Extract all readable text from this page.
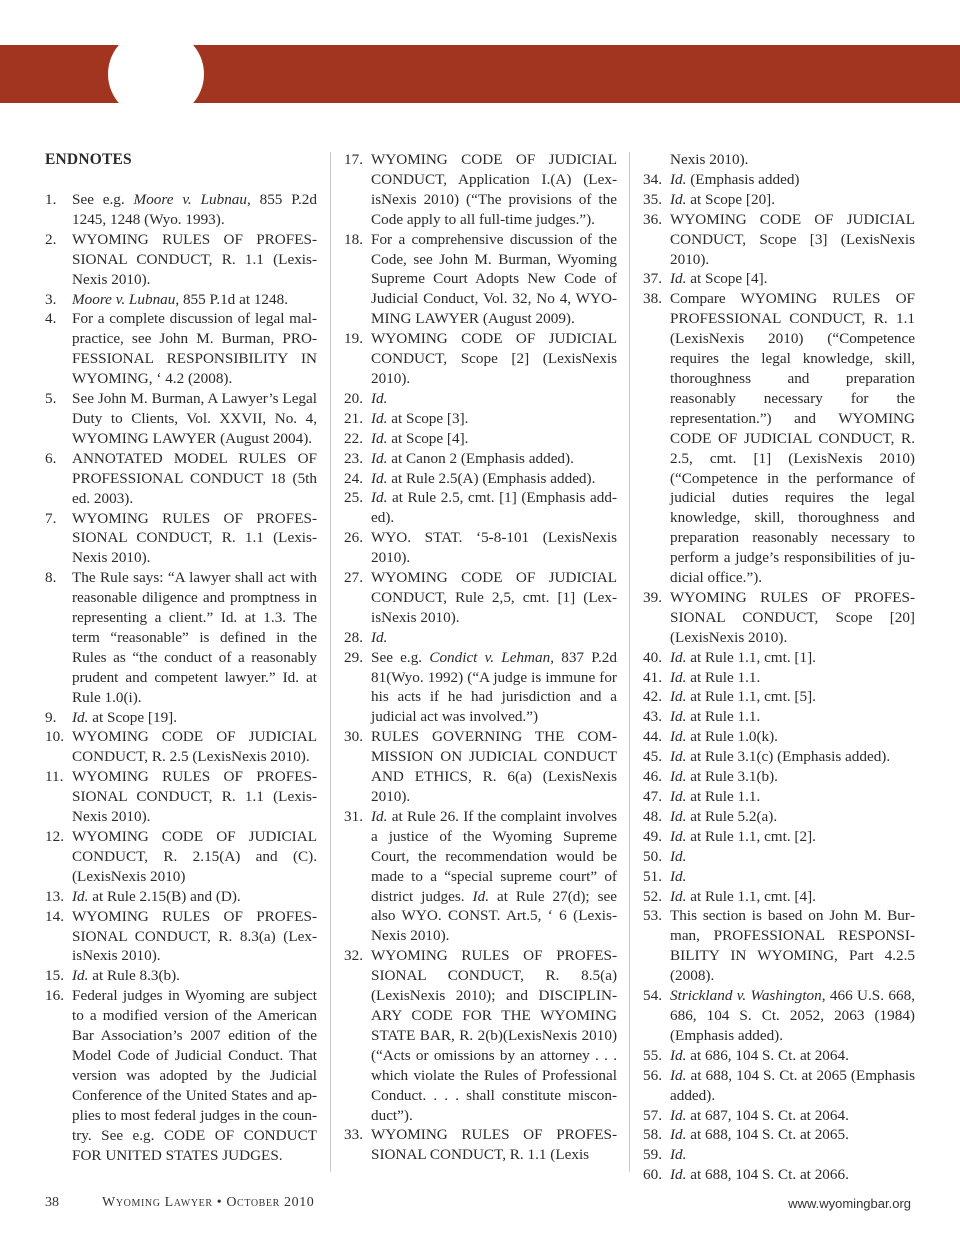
ENDNOTES
1. See e.g. Moore v. Lubnau, 855 P.2d 1245, 1248 (Wyo. 1993).
2. WYOMING RULES OF PROFESSIONAL CONDUCT, R. 1.1 (LexisNexis 2010).
3. Moore v. Lubnau, 855 P.1d at 1248.
4. For a complete discussion of legal malpractice, see John M. Burman, PROFESSIONAL RESPONSIBILITY IN WYOMING, ‘ 4.2 (2008).
5. See John M. Burman, A Lawyer’s Legal Duty to Clients, Vol. XXVII, No. 4, WYOMING LAWYER (August 2004).
6. ANNOTATED MODEL RULES OF PROFESSIONAL CONDUCT 18 (5th ed. 2003).
7. WYOMING RULES OF PROFESSIONAL CONDUCT, R. 1.1 (LexisNexis 2010).
8. The Rule says: “A lawyer shall act with reasonable diligence and promptness in representing a client.” Id. at 1.3. The term “reasonable” is defined in the Rules as “the conduct of a reasonably prudent and competent lawyer.” Id. at Rule 1.0(i).
9. Id. at Scope [19].
10. WYOMING CODE OF JUDICIAL CONDUCT, R. 2.5 (LexisNexis 2010).
11. WYOMING RULES OF PROFESSIONAL CONDUCT, R. 1.1 (LexisNexis 2010).
12. WYOMING CODE OF JUDICIAL CONDUCT, R. 2.15(A) and (C). (LexisNexis 2010)
13. Id. at Rule 2.15(B) and (D).
14. WYOMING RULES OF PROFESSIONAL CONDUCT, R. 8.3(a) (LexisNexis 2010).
15. Id. at Rule 8.3(b).
16. Federal judges in Wyoming are subject to a modified version of the American Bar Association’s 2007 edition of the Model Code of Judicial Conduct. That version was adopted by the Judicial Conference of the United States and applies to most federal judges in the country. See e.g. CODE OF CONDUCT FOR UNITED STATES JUDGES.
17. WYOMING CODE OF JUDICIAL CONDUCT, Application I.(A) (LexisNexis 2010) (“The provisions of the Code apply to all full-time judges.”).
18. For a comprehensive discussion of the Code, see John M. Burman, Wyoming Supreme Court Adopts New Code of Judicial Conduct, Vol. 32, No 4, WYOMING LAWYER (August 2009).
19. WYOMING CODE OF JUDICIAL CONDUCT, Scope [2] (LexisNexis 2010).
20. Id.
21. Id. at Scope [3].
22. Id. at Scope [4].
23. Id. at Canon 2 (Emphasis added).
24. Id. at Rule 2.5(A) (Emphasis added).
25. Id. at Rule 2.5, cmt. [1] (Emphasis added).
26. WYO. STAT. ‘5-8-101 (LexisNexis 2010).
27. WYOMING CODE OF JUDICIAL CONDUCT, Rule 2,5, cmt. [1] (LexisNexis 2010).
28. Id.
29. See e.g. Condict v. Lehman, 837 P.2d 81(Wyo. 1992) (“A judge is immune for his acts if he had jurisdiction and a judicial act was involved.”)
30. RULES GOVERNING THE COMMISSION ON JUDICIAL CONDUCT AND ETHICS, R. 6(a) (LexisNexis 2010).
31. Id. at Rule 26. If the complaint involves a justice of the Wyoming Supreme Court, the recommendation would be made to a “special supreme court” of district judges. Id. at Rule 27(d); see also WYO. CONST. Art.5, ‘ 6 (LexisNexis 2010).
32. WYOMING RULES OF PROFESSIONAL CONDUCT, R. 8.5(a) (LexisNexis 2010); and DISCIPLINARY CODE FOR THE WYOMING STATE BAR, R. 2(b)(LexisNexis 2010) (“Acts or omissions by an attorney . . . which violate the Rules of Professional Conduct. . . . shall constitute misconduct”).
33. WYOMING RULES OF PROFESSIONAL CONDUCT, R. 1.1 (Lexis
Nexis 2010).
34. Id. (Emphasis added)
35. Id. at Scope [20].
36. WYOMING CODE OF JUDICIAL CONDUCT, Scope [3] (LexisNexis 2010).
37. Id. at Scope [4].
38. Compare WYOMING RULES OF PROFESSIONAL CONDUCT, R. 1.1 (LexisNexis 2010) (“Competence requires the legal knowledge, skill, thoroughness and preparation reasonably necessary for the representation.”) and WYOMING CODE OF JUDICIAL CONDUCT, R. 2.5, cmt. [1] (LexisNexis 2010) (“Competence in the performance of judicial duties requires the legal knowledge, skill, thoroughness and preparation reasonably necessary to perform a judge’s responsibilities of judicial office.”).
39. WYOMING RULES OF PROFESSIONAL CONDUCT, Scope [20] (LexisNexis 2010).
40. Id. at Rule 1.1, cmt. [1].
41. Id. at Rule 1.1.
42. Id. at Rule 1.1, cmt. [5].
43. Id. at Rule 1.1.
44. Id. at Rule 1.0(k).
45. Id. at Rule 3.1(c) (Emphasis added).
46. Id. at Rule 3.1(b).
47. Id. at Rule 1.1.
48. Id. at Rule 5.2(a).
49. Id. at Rule 1.1, cmt. [2].
50. Id.
51. Id.
52. Id. at Rule 1.1, cmt. [4].
53. This section is based on John M. Burman, PROFESSIONAL RESPONSIBILITY IN WYOMING, Part 4.2.5 (2008).
54. Strickland v. Washington, 466 U.S. 668, 686, 104 S. Ct. 2052, 2063 (1984) (Emphasis added).
55. Id. at 686, 104 S. Ct. at 2064.
56. Id. at 688, 104 S. Ct. at 2065 (Emphasis added).
57. Id. at 687, 104 S. Ct. at 2064.
58. Id. at 688, 104 S. Ct. at 2065.
59. Id.
60. Id. at 688, 104 S. Ct. at 2066.
38	Wyoming Lawyer • October 2010	www.wyomingbar.org
